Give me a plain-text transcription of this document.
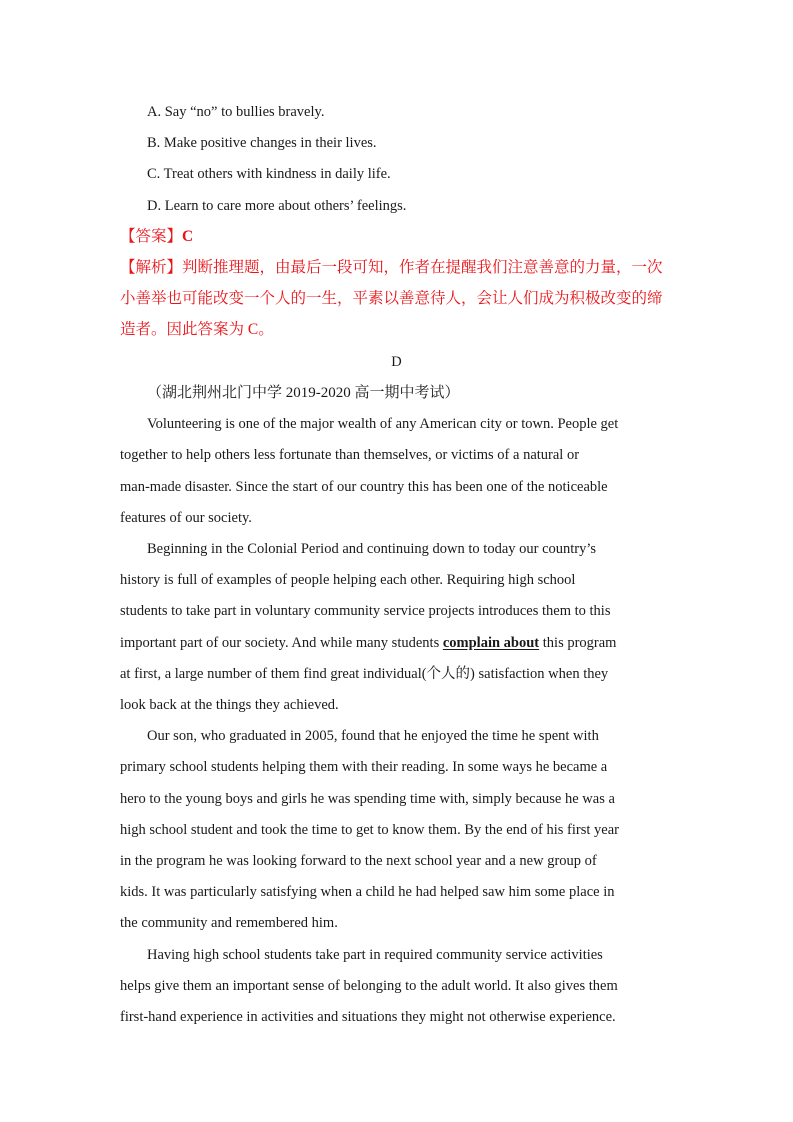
A. Say “no” to bullies bravely.
B. Make positive changes in their lives.
C. Treat others with kindness in daily life.
D. Learn to care more about others’ feelings.
【答案】C
【解析】判断推理题，由最后一段可知，作者在提醒我们注意善意的力量，一次
小善举也可能改变一个人的一生，平素以善意待人，会让人们成为积极改变的缔
造者。因此答案为 C。
D
（湖北荆州北门中学 2019-2020 高一期中考试）
Volunteering is one of the major wealth of any American city or town. People get
together to help others less fortunate than themselves, or victims of a natural or
man-made disaster. Since the start of our country this has been one of the noticeable
features of our society.
Beginning in the Colonial Period and continuing down to today our country’s
history is full of examples of people helping each other. Requiring high school
students to take part in voluntary community service projects introduces them to this
important part of our society. And while many students complain about this program
at first, a large number of them find great individual(个人的) satisfaction when they
look back at the things they achieved.
Our son, who graduated in 2005, found that he enjoyed the time he spent with
primary school students helping them with their reading. In some ways he became a
hero to the young boys and girls he was spending time with, simply because he was a
high school student and took the time to get to know them. By the end of his first year
in the program he was looking forward to the next school year and a new group of
kids. It was particularly satisfying when a child he had helped saw him some place in
the community and remembered him.
Having high school students take part in required community service activities
helps give them an important sense of belonging to the adult world. It also gives them
first-hand experience in activities and situations they might not otherwise experience.
